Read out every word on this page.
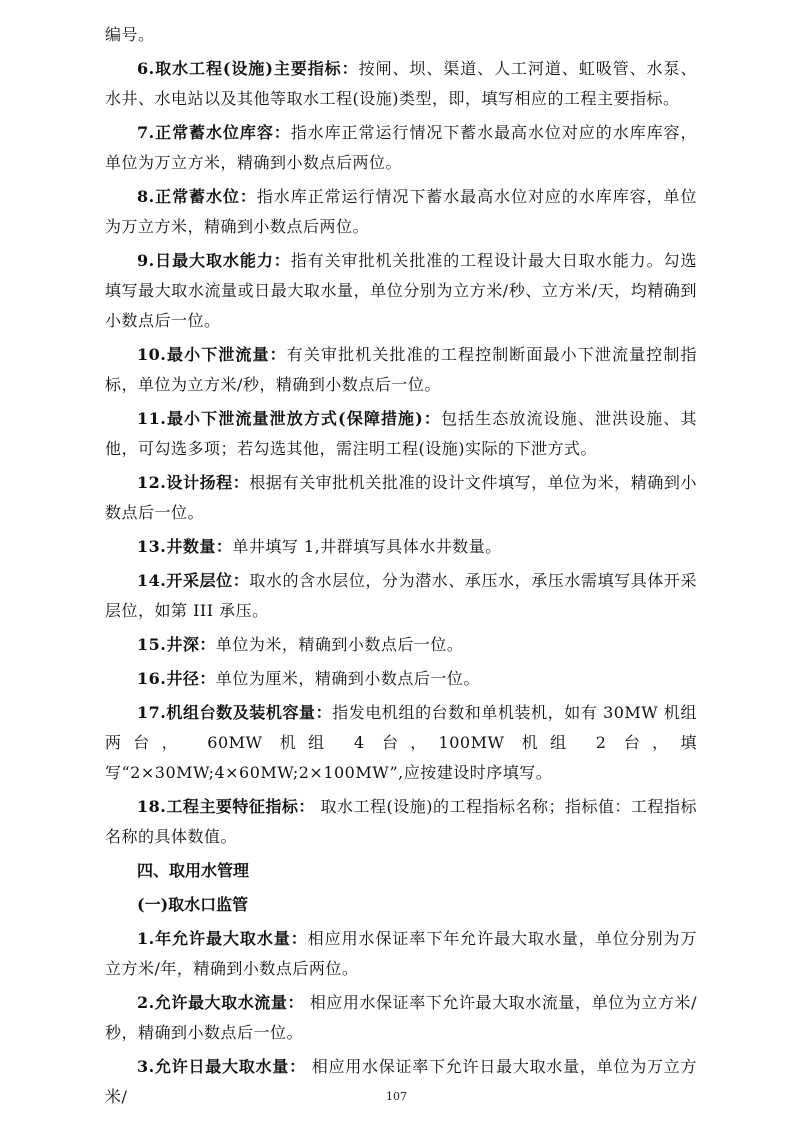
编号。

6.取水工程(设施)主要指标：按闸、坝、渠道、人工河道、虹吸管、水泵、水井、水电站以及其他等取水工程(设施)类型，即，填写相应的工程主要指标。

7.正常蓄水位库容：指水库正常运行情况下蓄水最高水位对应的水库库容，单位为万立方米，精确到小数点后两位。

8.正常蓄水位：指水库正常运行情况下蓄水最高水位对应的水库库容，单位为万立方米，精确到小数点后两位。

9.日最大取水能力：指有关审批机关批准的工程设计最大日取水能力。勾选填写最大取水流量或日最大取水量，单位分别为立方米/秒、立方米/天，均精确到小数点后一位。

10.最小下泄流量：有关审批机关批准的工程控制断面最小下泄流量控制指标，单位为立方米/秒，精确到小数点后一位。

11.最小下泄流量泄放方式(保障措施)：包括生态放流设施、泄洪设施、其他，可勾选多项；若勾选其他，需注明工程(设施)实际的下泄方式。

12.设计扬程：根据有关审批机关批准的设计文件填写，单位为米，精确到小数点后一位。

13.井数量：单井填写 1,井群填写具体水井数量。

14.开采层位：取水的含水层位，分为潜水、承压水，承压水需填写具体开采层位，如第 III 承压。

15.井深：单位为米，精确到小数点后一位。

16.井径：单位为厘米，精确到小数点后一位。

17.机组台数及装机容量：指发电机组的台数和单机装机，如有 30MW 机组两台， 60MW 机组 4 台，100MW 机组 2 台，填写“2×30MW;4×60MW;2×100MW”,应按建设时序填写。

18.工程主要特征指标： 取水工程(设施)的工程指标名称；指标值：工程指标名称的具体数值。

四、取用水管理

(一)取水口监管

1.年允许最大取水量：相应用水保证率下年允许最大取水量，单位分别为万立方米/年，精确到小数点后两位。

2.允许最大取水流量： 相应用水保证率下允许最大取水流量，单位为立方米/秒，精确到小数点后一位。

3.允许日最大取水量： 相应用水保证率下允许日最大取水量，单位为万立方米/	107
